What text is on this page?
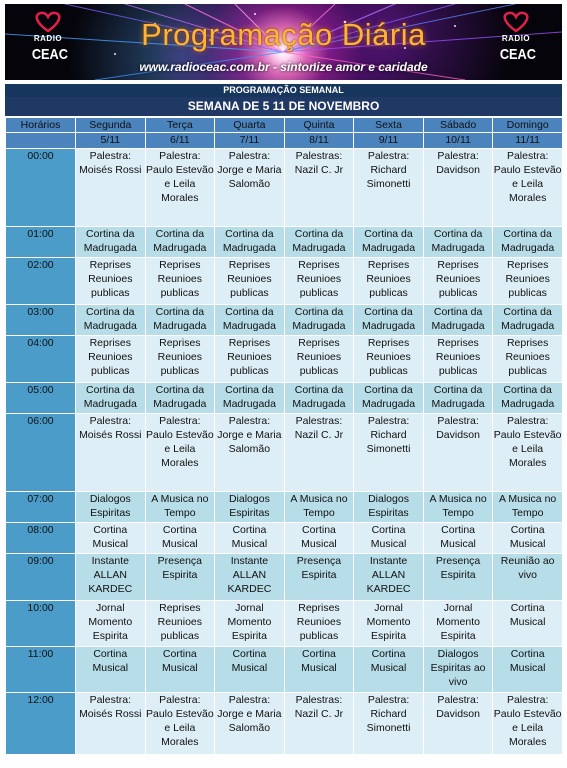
RADIO
CEAC
Programação Diária
www.radioceac.com.br - sintonize amor e caridade
RADIO
CEAC
PROGRAMAÇÃO SEMANAL
SEMANA DE 5 11 DE NOVEMBRO
Horários	Segunda	Terça	Quarta	Quinta	Sexta	Sábado	Domingo
	5/11	6/11	7/11	8/11	9/11	10/11	11/11
00:00	Palestra: Moisés Rossi	Palestra: Paulo Estevão e Leila Morales	Palestra: Jorge e Maria Salomão	Palestras: Nazil C. Jr	Palestra: Richard Simonetti	Palestra: Davidson	Palestra: Paulo Estevão e Leila Morales
01:00	Cortina da Madrugada	Cortina da Madrugada	Cortina da Madrugada	Cortina da Madrugada	Cortina da Madrugada	Cortina da Madrugada	Cortina da Madrugada
02:00	Reprises Reunioes publicas	Reprises Reunioes publicas	Reprises Reunioes publicas	Reprises Reunioes publicas	Reprises Reunioes publicas	Reprises Reunioes publicas	Reprises Reunioes publicas
03:00	Cortina da Madrugada	Cortina da Madrugada	Cortina da Madrugada	Cortina da Madrugada	Cortina da Madrugada	Cortina da Madrugada	Cortina da Madrugada
04:00	Reprises Reunioes publicas	Reprises Reunioes publicas	Reprises Reunioes publicas	Reprises Reunioes publicas	Reprises Reunioes publicas	Reprises Reunioes publicas	Reprises Reunioes publicas
05:00	Cortina da Madrugada	Cortina da Madrugada	Cortina da Madrugada	Cortina da Madrugada	Cortina da Madrugada	Cortina da Madrugada	Cortina da Madrugada
06:00	Palestra: Moisés Rossi	Palestra: Paulo Estevão e Leila Morales	Palestra: Jorge e Maria Salomão	Palestras: Nazil C. Jr	Palestra: Richard Simonetti	Palestra: Davidson	Palestra: Paulo Estevão e Leila Morales
07:00	Dialogos Espiritas	A Musica no Tempo	Dialogos Espiritas	A Musica no Tempo	Dialogos Espiritas	A Musica no Tempo	A Musica no Tempo
08:00	Cortina Musical	Cortina Musical	Cortina Musical	Cortina Musical	Cortina Musical	Cortina Musical	Cortina Musical
09:00	Instante ALLAN KARDEC	Presença Espirita	Instante ALLAN KARDEC	Presença Espirita	Instante ALLAN KARDEC	Presença Espirita	Reunião ao vivo
10:00	Jornal Momento Espirita	Reprises Reunioes publicas	Jornal Momento Espirita	Reprises Reunioes publicas	Jornal Momento Espirita	Jornal Momento Espirita	Cortina Musical
11:00	Cortina Musical	Cortina Musical	Cortina Musical	Cortina Musical	Cortina Musical	Dialogos Espiritas ao vivo	Cortina Musical
12:00	Palestra: Moisés Rossi	Palestra: Paulo Estevão e Leila Morales	Palestra: Jorge e Maria Salomão	Palestras: Nazil C. Jr	Palestra: Richard Simonetti	Palestra: Davidson	Palestra: Paulo Estevão e Leila Morales
